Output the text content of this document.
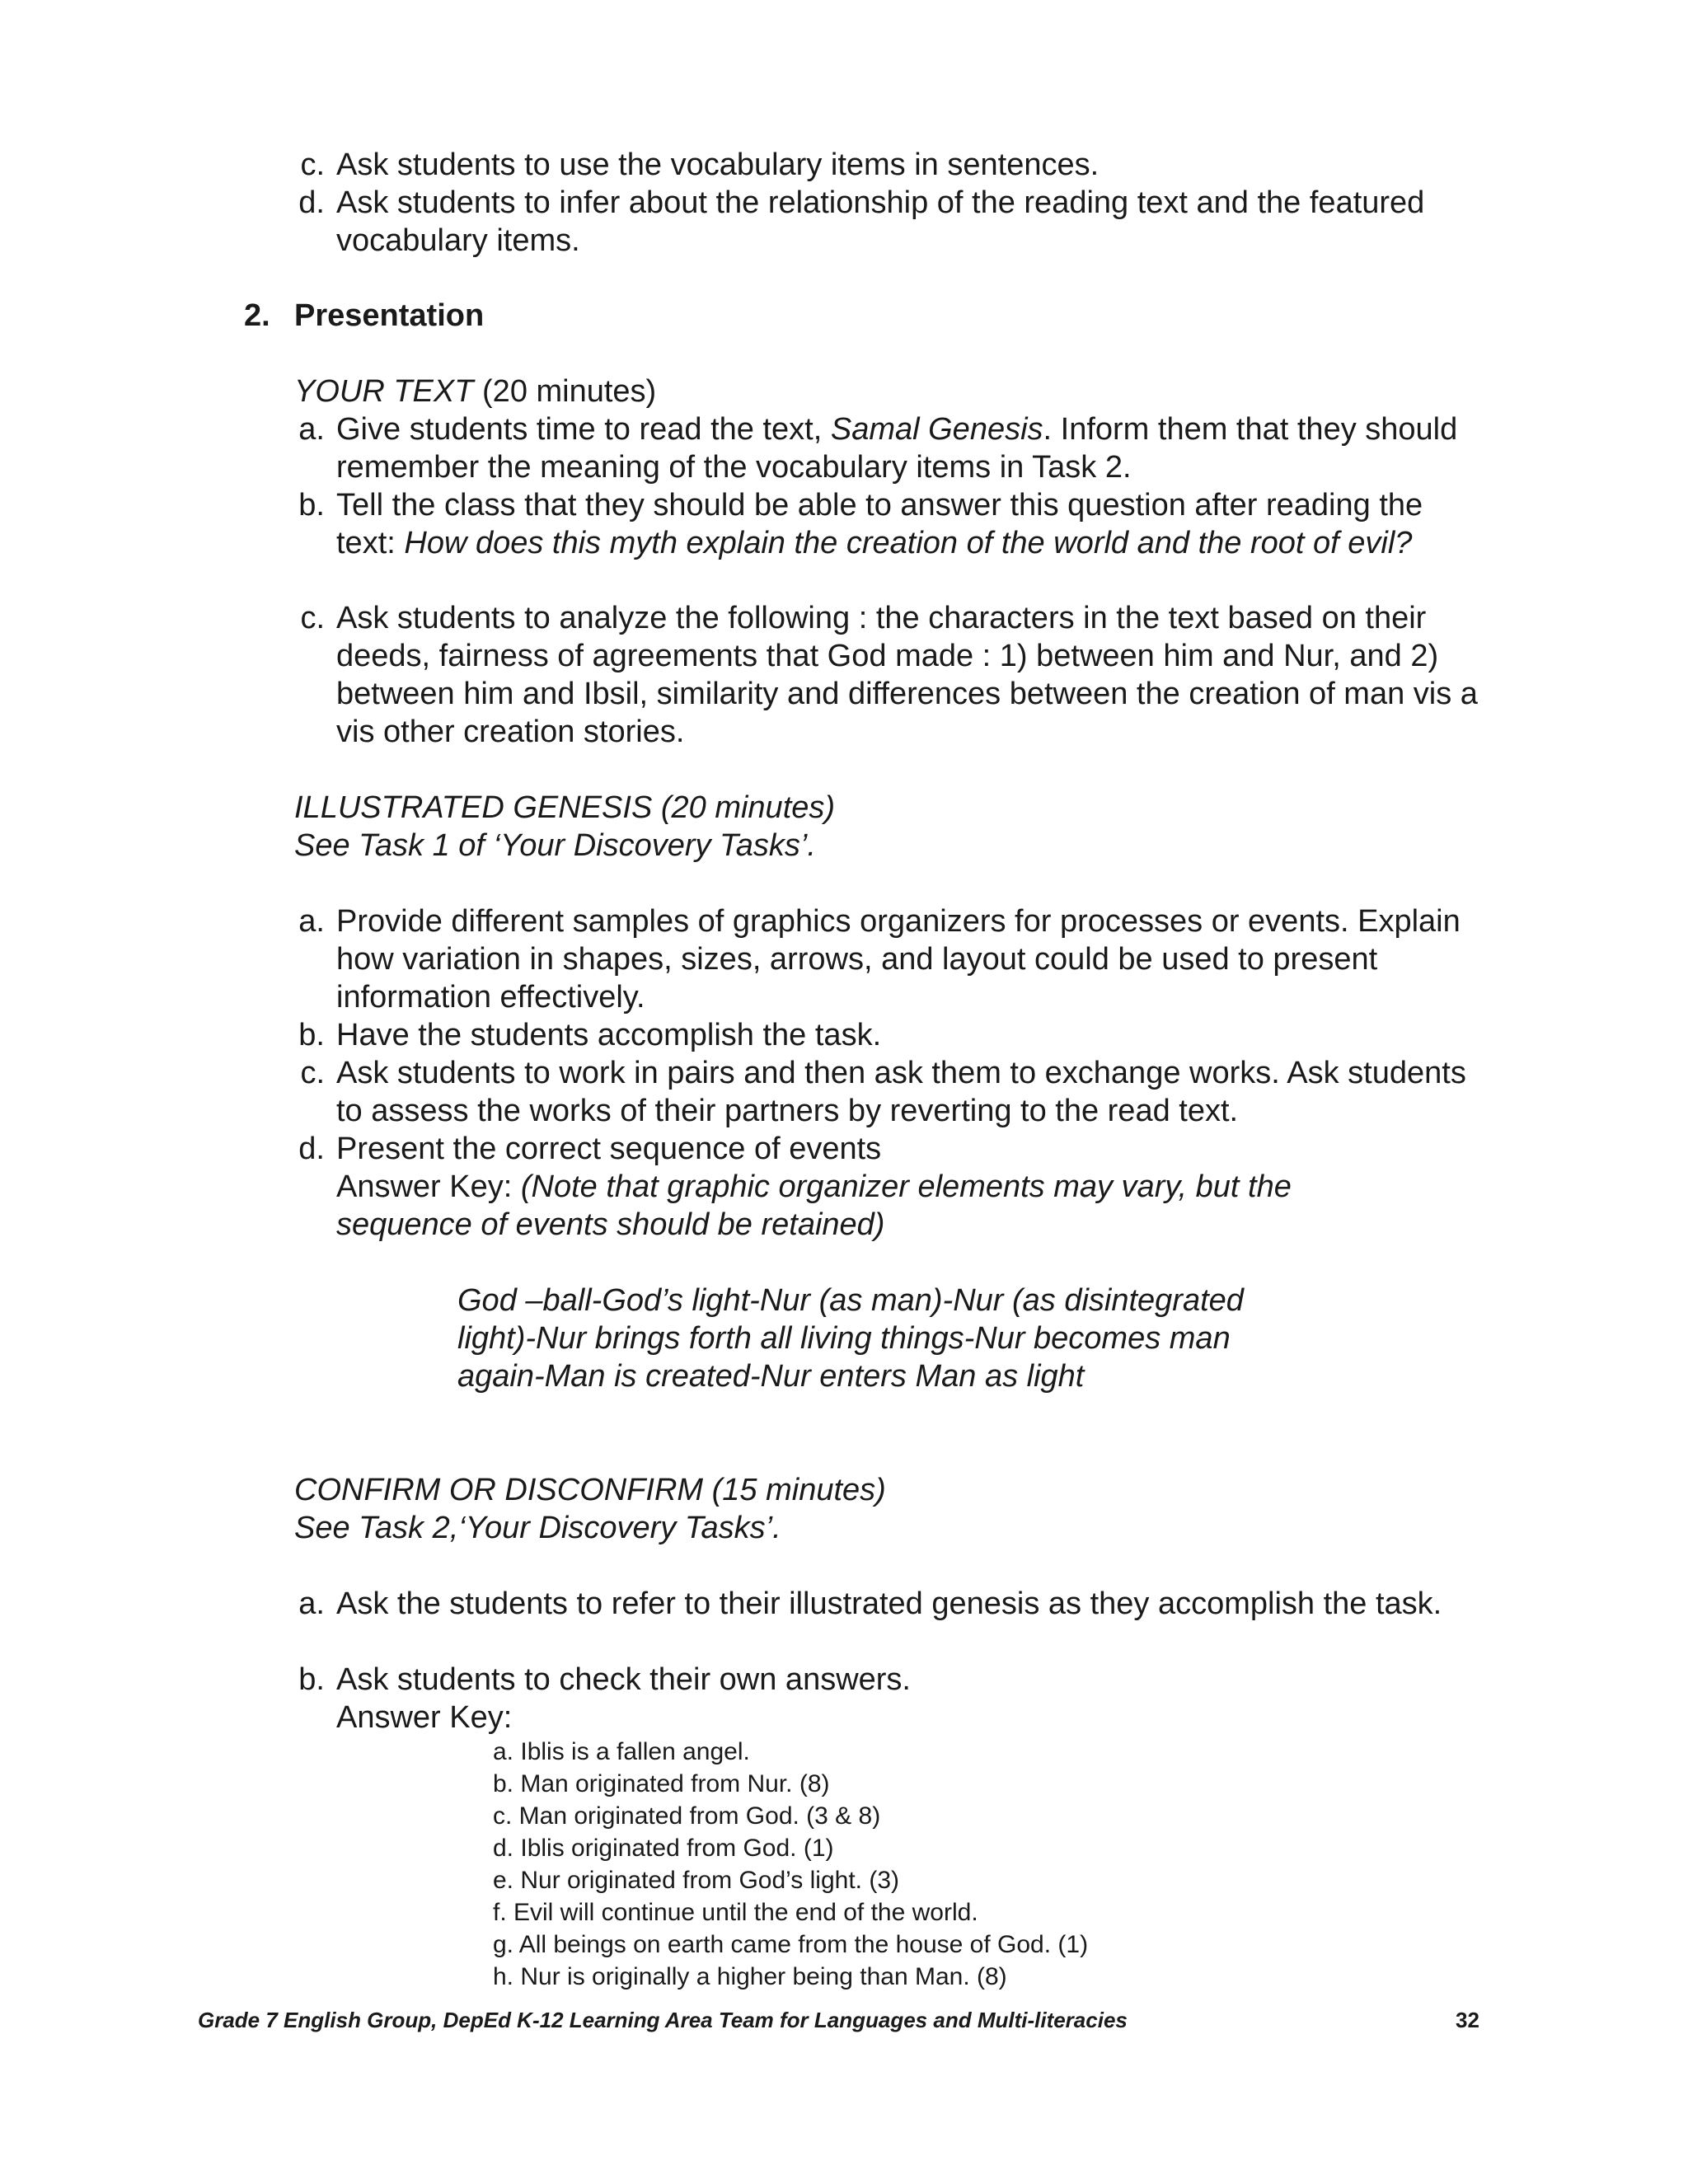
c. Ask students to use the vocabulary items in sentences.
d. Ask students to infer about the relationship of the reading text and the featured vocabulary items.
2. Presentation
YOUR TEXT (20 minutes)
a. Give students time to read the text, Samal Genesis. Inform them that they should remember the meaning of the vocabulary items in Task 2.
b. Tell the class that they should be able to answer this question after reading the text: How does this myth explain the creation of the world and the root of evil?
c. Ask students to analyze the following : the characters in the text based on their deeds, fairness of agreements that God made : 1) between him and Nur, and 2) between him and Ibsil, similarity and differences between the creation of man vis a vis other creation stories.
ILLUSTRATED GENESIS (20 minutes)
See Task 1 of ‘Your Discovery Tasks’.
a. Provide different samples of graphics organizers for processes or events. Explain how variation in shapes, sizes, arrows, and layout could be used to present information effectively.
b. Have the students accomplish the task.
c. Ask students to work in pairs and then ask them to exchange works. Ask students to assess the works of their partners by reverting to the read text.
d. Present the correct sequence of events
Answer Key: (Note that graphic organizer elements may vary, but the
sequence of events should be retained)
God –ball-God’s light-Nur (as man)-Nur (as disintegrated
light)-Nur brings forth all living things-Nur becomes man
again-Man is created-Nur enters Man as light
CONFIRM OR DISCONFIRM (15 minutes)
See Task 2,‘Your Discovery Tasks’.
a. Ask the students to refer to their illustrated genesis as they accomplish the task.
b. Ask students to check their own answers.
Answer Key:
a. Iblis is a fallen angel.
b. Man originated from Nur. (8)
c. Man originated from God. (3 & 8)
d. Iblis originated from God. (1)
e. Nur originated from God’s light. (3)
f. Evil will continue until the end of the world.
g. All beings on earth came from the house of God. (1)
h. Nur is originally a higher being than Man. (8)
Grade 7 English Group, DepEd K-12 Learning Area Team for Languages and Multi-literacies	32
